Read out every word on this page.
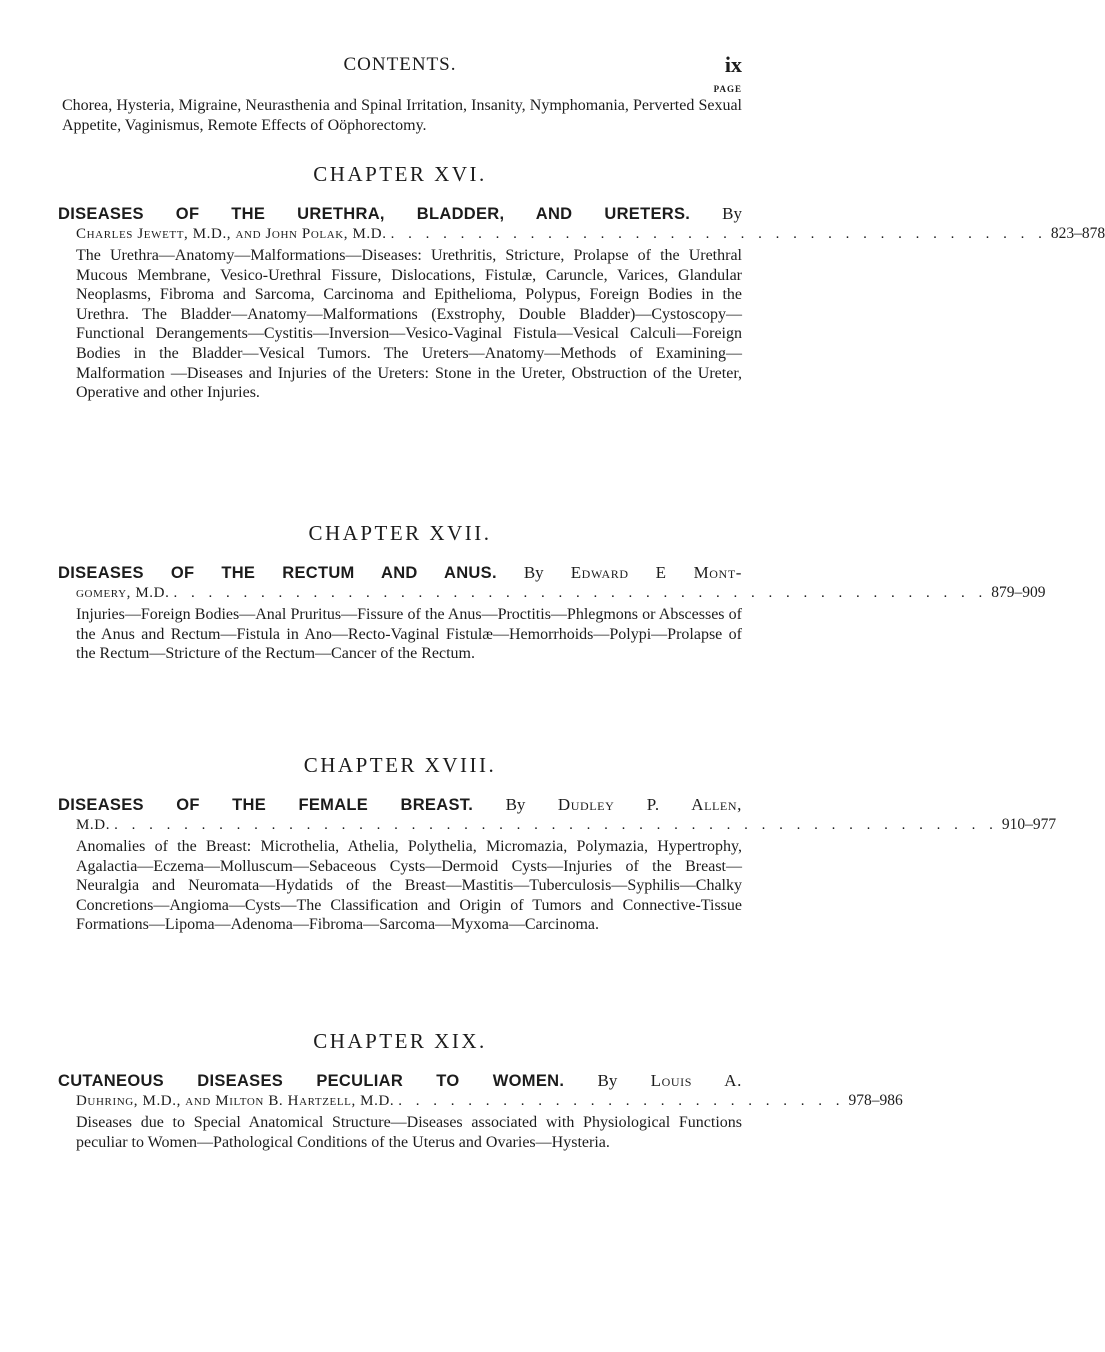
CONTENTS.	ix
PAGE

Chorea, Hysteria, Migraine, Neurasthenia and Spinal Irritation, Insanity, Nymphomania, Perverted Sexual Appetite, Vaginismus, Remote Effects of Oöphorectomy.

CHAPTER XVI.

DISEASES OF THE URETHRA, BLADDER, AND URETERS. By

Charles Jewett, M.D., and John Polak, M.D. . . . . . . . . . . . . . . . . . . . . . . . . . . . . . . . . . . . . . . 823–878

The Urethra—Anatomy—Malformations—Diseases: Urethritis, Stricture, Prolapse of the Urethral Mucous Membrane, Vesico-Urethral Fissure, Dislocations, Fistulæ, Caruncle, Varices, Glandular Neoplasms, Fibroma and Sarcoma, Carcinoma and Epithelioma, Polypus, Foreign Bodies in the Urethra. The Bladder—Anatomy—Malformations (Exstrophy, Double Bladder)—Cystoscopy—Functional Derangements—Cystitis—Inversion—Vesico-Vaginal Fistula—Vesical Calculi—Foreign Bodies in the Bladder—Vesical Tumors. The Ureters—Anatomy—Methods of Examining—Malformation —Diseases and Injuries of the Ureters: Stone in the Ureter, Obstruction of the Ureter, Operative and other Injuries.

CHAPTER XVII.

DISEASES OF THE RECTUM AND ANUS. By Edward E Mont-

gomery, M.D. . . . . . . . . . . . . . . . . . . . . . . . . . . . . . . . . . . . . . . . . . . . . . . . 879–909

Injuries—Foreign Bodies—Anal Pruritus—Fissure of the Anus—Proctitis—Phlegmons or Abscesses of the Anus and Rectum—Fistula in Ano—Recto-Vaginal Fistulæ—Hemorrhoids—Polypi—Prolapse of the Rectum—Stricture of the Rectum—Cancer of the Rectum.

CHAPTER XVIII.

DISEASES OF THE FEMALE BREAST. By Dudley P. Allen,

M.D. . . . . . . . . . . . . . . . . . . . . . . . . . . . . . . . . . . . . . . . . . . . . . . . . . . . 910–977

Anomalies of the Breast: Microthelia, Athelia, Polythelia, Micromazia, Polymazia, Hypertrophy, Agalactia—Eczema—Molluscum—Sebaceous Cysts—Dermoid Cysts—Injuries of the Breast—Neuralgia and Neuromata—Hydatids of the Breast—Mastitis—Tuberculosis—Syphilis—Chalky Concretions—Angioma—Cysts—The Classification and Origin of Tumors and Connective-Tissue Formations—Lipoma—Adenoma—Fibroma—Sarcoma—Myxoma—Carcinoma.

CHAPTER XIX.

CUTANEOUS DISEASES PECULIAR TO WOMEN. By Louis A.

Duhring, M.D., and Milton B. Hartzell, M.D. . . . . . . . . . . . . . . . . . . . . . . . . . . 978–986

Diseases due to Special Anatomical Structure—Diseases associated with Physiological Functions peculiar to Women—Pathological Conditions of the Uterus and Ovaries—Hysteria.
